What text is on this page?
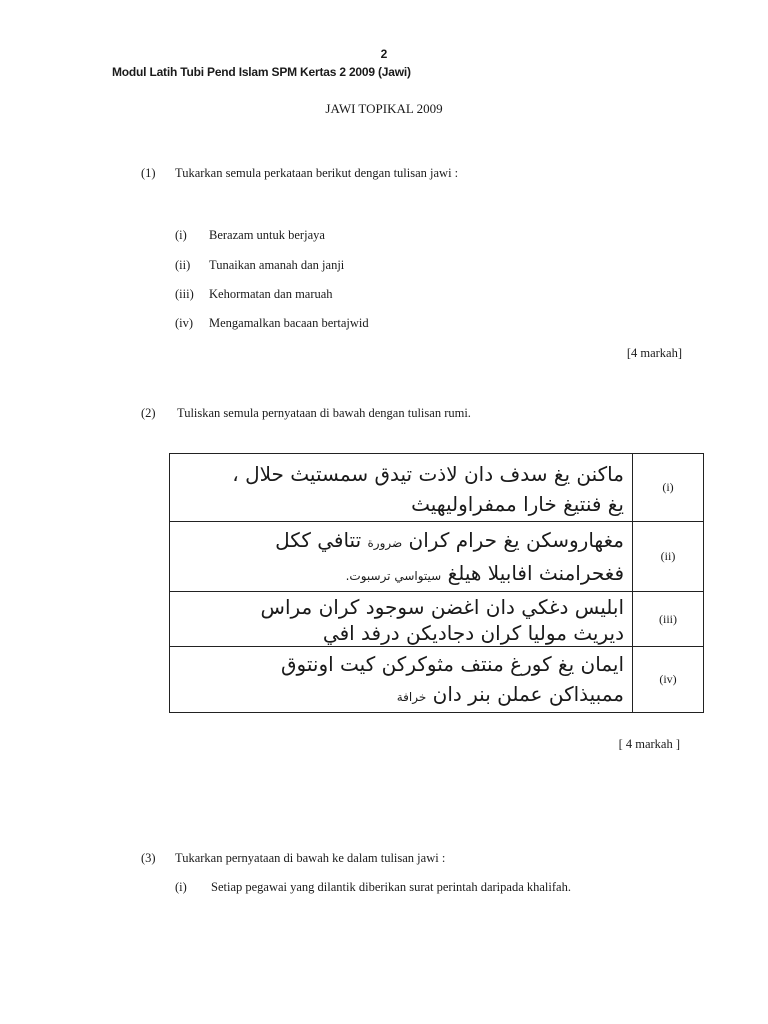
2
Modul Latih Tubi Pend Islam SPM Kertas 2 2009 (Jawi)
JAWI TOPIKAL 2009
(1) Tukarkan semula perkataan berikut dengan tulisan jawi :
(i) Berazam untuk berjaya
(ii) Tunaikan amanah dan janji
(iii) Kehormatan dan maruah
(iv) Mengamalkan bacaan bertajwid
[4 markah]
(2) Tuliskan semula pernyataan di bawah dengan tulisan rumi.
ماكنن يغ سدف دان لاذت تيدق سمستيث حلال ،
يغ فنتيغ خارا ممفراوليهيث	(i)

مغهاروسكن يغ حرام كران ضرورة تتافي ككل
فغحرامنث افابيلا هيلغ سيتواسي ترسبوت.	(ii)

ابليس دغكي دان اغضن سوجود كران مراس
ديريث موليا كران دجاديكن درفد افي	(iii)

ايمان يغ كورغ منتف مثوكركن كيت اونتوق
ممبيذاكن عملن بنر دان خرافة	(iv)
[ 4 markah ]
(3) Tukarkan pernyataan di bawah ke dalam tulisan jawi :
(i) Setiap pegawai yang dilantik diberikan surat perintah daripada khalifah.
